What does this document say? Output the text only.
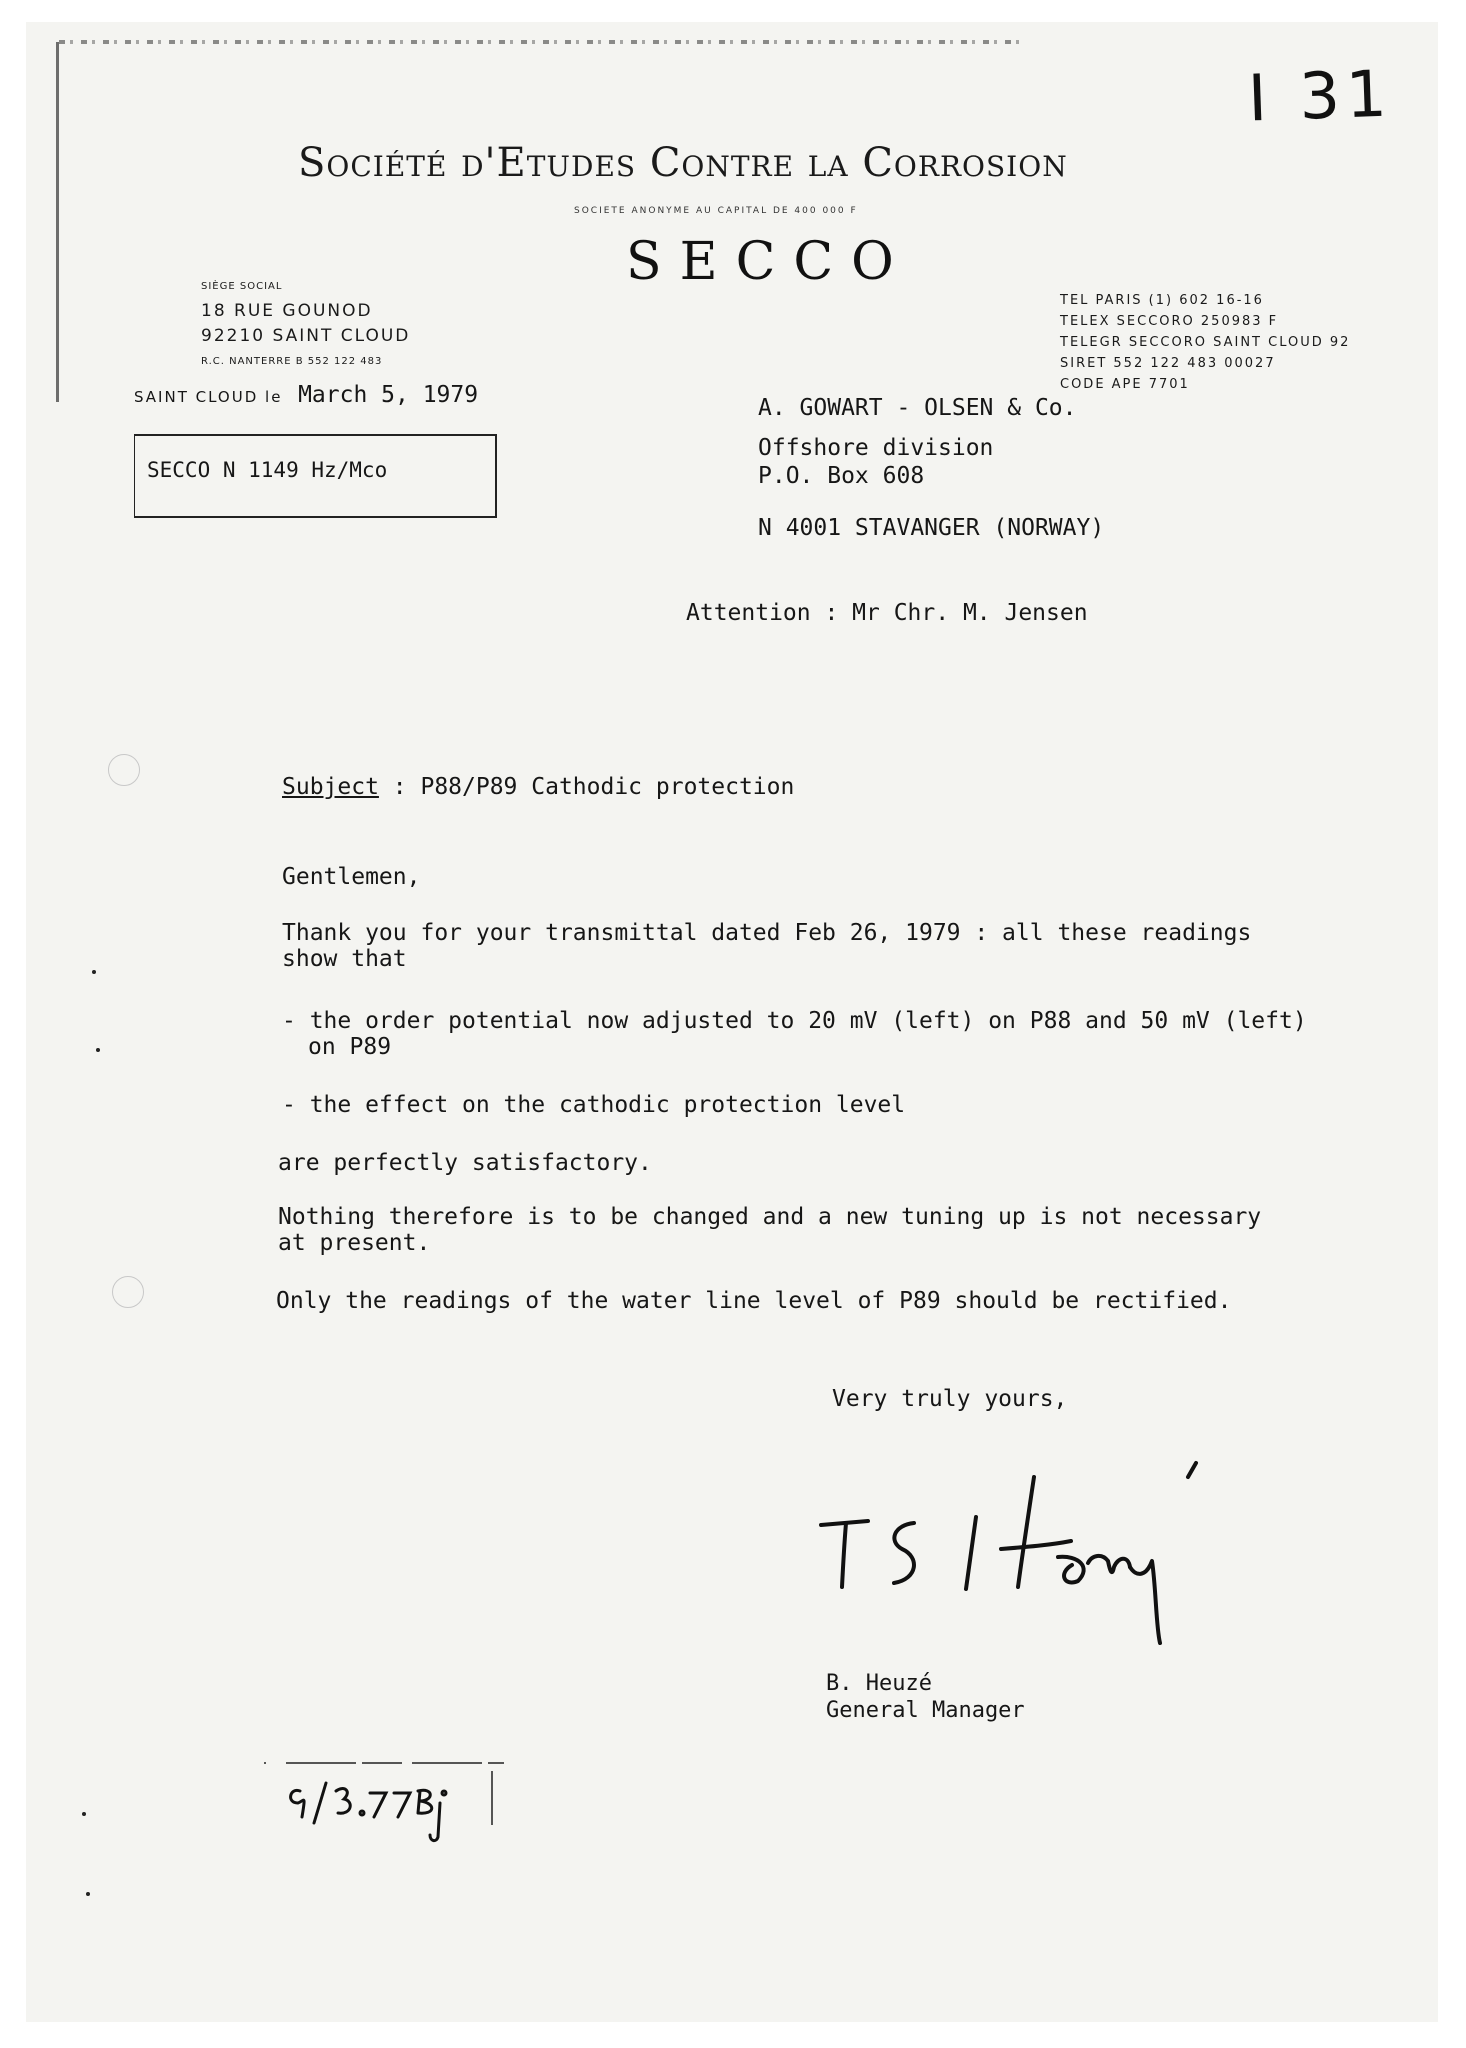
I 31
Société d'Etudes Contre la Corrosion
SOCIETE ANONYME AU CAPITAL DE 400 000 F
SECCO
SIÈGE SOCIAL
18 RUE GOUNOD
92210 SAINT CLOUD
R.C. NANTERRE B 552 122 483
TEL PARIS (1) 602 16-16
TELEX SECCORO 250983 F
TELEGR SECCORO SAINT CLOUD 92
SIRET 552 122 483 00027
CODE APE 7701
SAINT CLOUD le March 5, 1979
SECCO N 1149 Hz/Mco
A. GOWART - OLSEN & Co.
Offshore division
P.O. Box 608
N 4001 STAVANGER (NORWAY)
Attention : Mr Chr. M. Jensen
Subject : P88/P89 Cathodic protection
Gentlemen,
Thank you for your transmittal dated Feb 26, 1979 : all these readings
show that
- the order potential now adjusted to 20 mV (left) on P88 and 50 mV (left)
on P89
- the effect on the cathodic protection level
are perfectly satisfactory.
Nothing therefore is to be changed and a new tuning up is not necessary
at present.
Only the readings of the water line level of P89 should be rectified.
Very truly yours,
B. Heuzé
General Manager
